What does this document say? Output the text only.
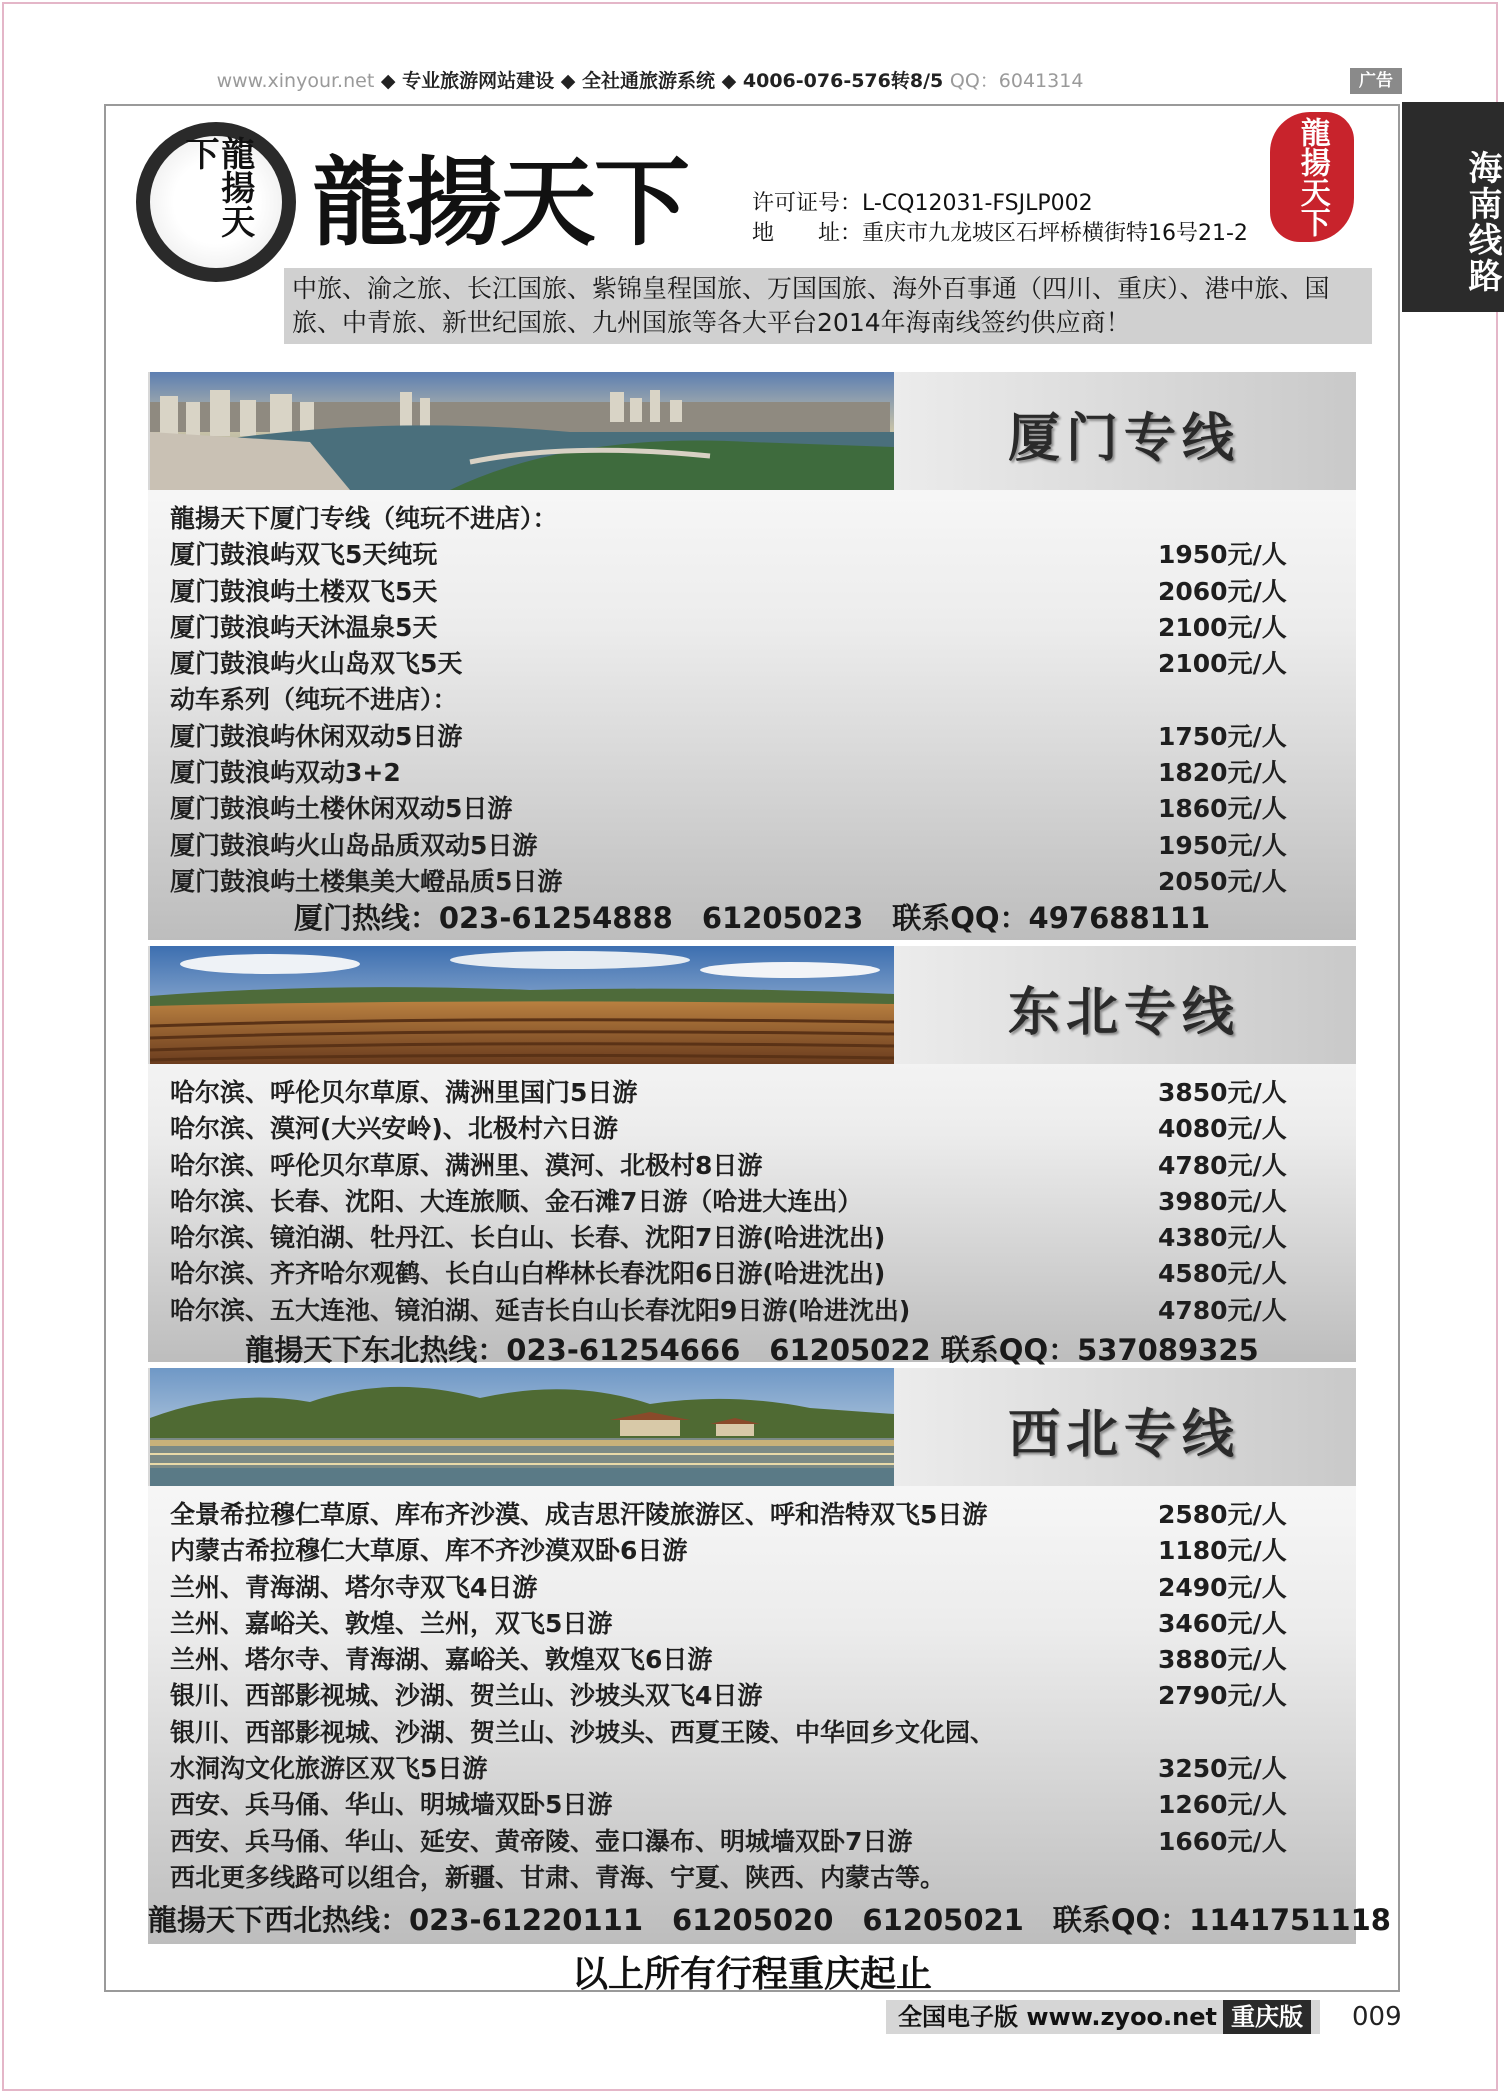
www.xinyour.net ◆ 专业旅游网站建设 ◆ 全社通旅游系统 ◆ 4006-076-576转8/5 QQ：6041314	广告
海南线路
龍揚天下 龍揚天下	许可证号：L-CQ12031-FSJLP002
地　　址：重庆市九龙坡区石坪桥横街特16号21-2	龍揚天下
中旅、渝之旅、长江国旅、紫锦皇程国旅、万国国旅、海外百事通（四川、重庆）、港中旅、国旅、中青旅、新世纪国旅、九州国旅等各大平台2014年海南线签约供应商！
厦门专线
龍揚天下厦门专线（纯玩不进店）：
厦门鼓浪屿双飞5天纯玩	1950元/人
厦门鼓浪屿土楼双飞5天	2060元/人
厦门鼓浪屿天沐温泉5天	2100元/人
厦门鼓浪屿火山岛双飞5天	2100元/人
动车系列（纯玩不进店）：
厦门鼓浪屿休闲双动5日游	1750元/人
厦门鼓浪屿双动3+2	1820元/人
厦门鼓浪屿土楼休闲双动5日游	1860元/人
厦门鼓浪屿火山岛品质双动5日游	1950元/人
厦门鼓浪屿土楼集美大嶝品质5日游	2050元/人
厦门热线：023-61254888　61205023　联系QQ：497688111
东北专线
哈尔滨、呼伦贝尔草原、满洲里国门5日游	3850元/人
哈尔滨、漠河(大兴安岭)、北极村六日游	4080元/人
哈尔滨、呼伦贝尔草原、满洲里、漠河、北极村8日游	4780元/人
哈尔滨、长春、沈阳、大连旅顺、金石滩7日游（哈进大连出）	3980元/人
哈尔滨、镜泊湖、牡丹江、长白山、长春、沈阳7日游(哈进沈出)	4380元/人
哈尔滨、齐齐哈尔观鹤、长白山白桦林长春沈阳6日游(哈进沈出)	4580元/人
哈尔滨、五大连池、镜泊湖、延吉长白山长春沈阳9日游(哈进沈出)	4780元/人
龍揚天下东北热线：023-61254666　61205022 联系QQ：537089325
西北专线
全景希拉穆仁草原、库布齐沙漠、成吉思汗陵旅游区、呼和浩特双飞5日游	2580元/人
内蒙古希拉穆仁大草原、库不齐沙漠双卧6日游	1180元/人
兰州、青海湖、塔尔寺双飞4日游	2490元/人
兰州、嘉峪关、敦煌、兰州，双飞5日游	3460元/人
兰州、塔尔寺、青海湖、嘉峪关、敦煌双飞6日游	3880元/人
银川、西部影视城、沙湖、贺兰山、沙坡头双飞4日游	2790元/人
银川、西部影视城、沙湖、贺兰山、沙坡头、西夏王陵、中华回乡文化园、
水洞沟文化旅游区双飞5日游	3250元/人
西安、兵马俑、华山、明城墙双卧5日游	1260元/人
西安、兵马俑、华山、延安、黄帝陵、壶口瀑布、明城墙双卧7日游	1660元/人
西北更多线路可以组合，新疆、甘肃、青海、宁夏、陕西、内蒙古等。
龍揚天下西北热线：023-61220111　61205020　61205021　联系QQ：1141751118
以上所有行程重庆起止
全国电子版 www.zyoo.net 重庆版	009
